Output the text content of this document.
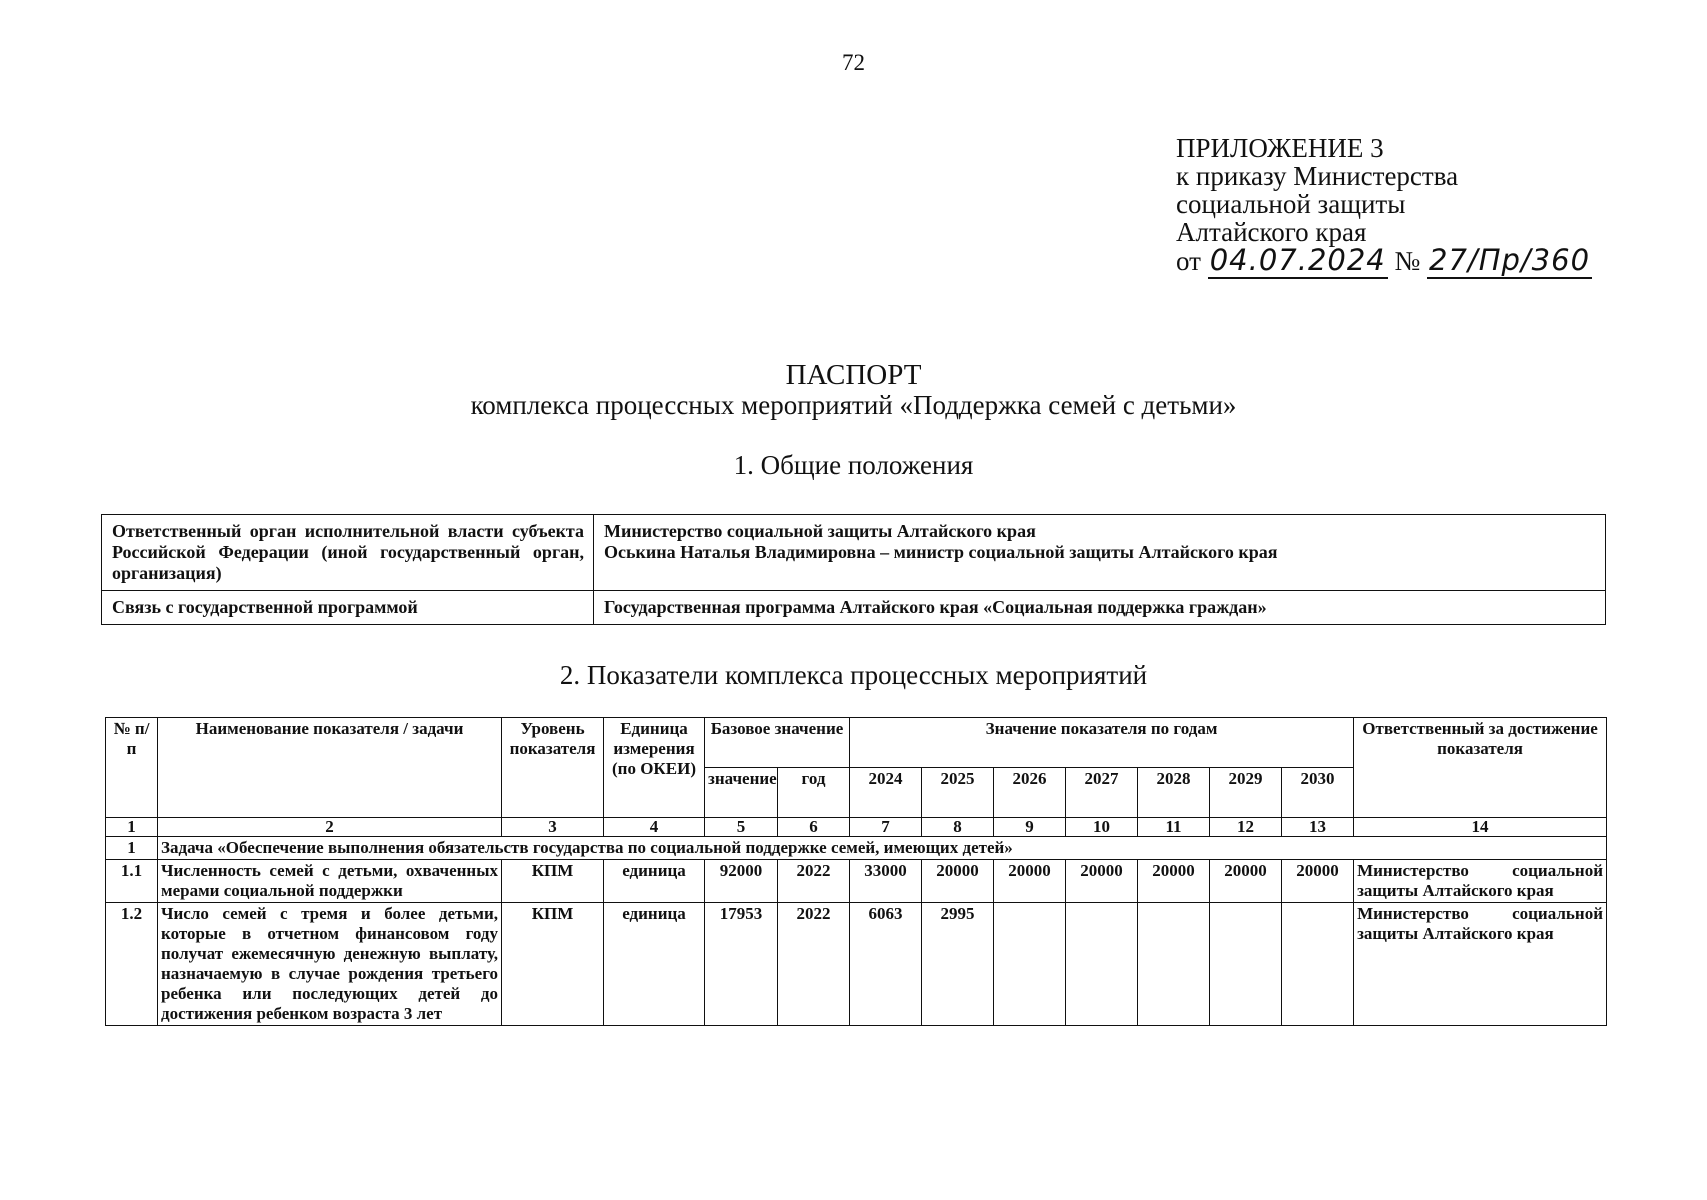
72
ПРИЛОЖЕНИЕ 3
к приказу Министерства
социальной защиты
Алтайского края
от 04.07.2024 № 27/Пр/360
ПАСПОРТ
комплекса процессных мероприятий «Поддержка семей с детьми»
1. Общие положения
Ответственный орган исполнительной власти субъекта Российской Федерации (иной государственный орган, организация)	Министерство социальной защиты Алтайского края
Оськина Наталья Владимировна – министр социальной защиты Алтайского края

Связь с государственной программой	Государственная программа Алтайского края «Социальная поддержка граждан»
2. Показатели комплекса процессных мероприятий
№ п/п	Наименование показателя / задачи	Уровень показателя	Единица измерения (по ОКЕИ)	Базовое значение		Значение показателя по годам							Ответственный за достижение показателя
				значение	год	2024	2025	2026	2027	2028	2029	2030	
1	2	3	4	5	6	7	8	9	10	11	12	13	14
1	Задача «Обеспечение выполнения обязательств государства по социальной поддержке семей, имеющих детей»												
1.1	Численность семей с детьми, охваченных мерами социальной поддержки	КПМ	единица	92000	2022	33000	20000	20000	20000	20000	20000	20000	Министерство социальной защиты Алтайского края
1.2	Число семей с тремя и более детьми, которые в отчетном финансовом году получат ежемесячную денежную выплату, назначаемую в случае рождения третьего ребенка или последующих детей до достижения ребенком возраста 3 лет	КПМ	единица	17953	2022	6063	2995						Министерство социальной защиты Алтайского края
